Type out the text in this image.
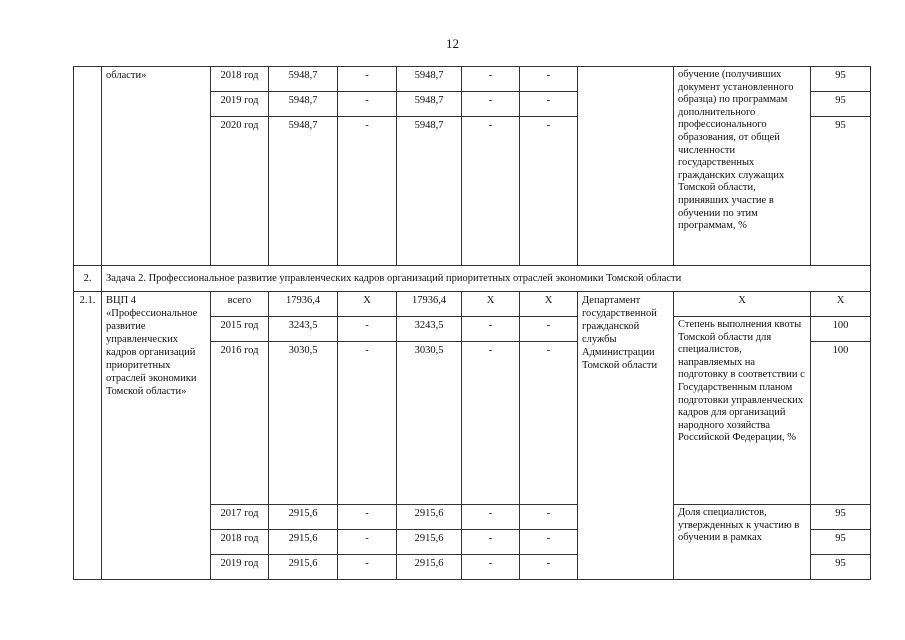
12
	области»	2018 год	5948,7	-	5948,7	-	-		обучение (получивших документ установленного образца) по программам дополнительного профессионального образования, от общей численности государственных гражданских служащих Томской области, принявших участие в обучении по этим программам, %	95
		2019 год	5948,7	-	5948,7	-	-			95
		2020 год	5948,7	-	5948,7	-	-			95
2.	Задача 2. Профессиональное развитие управленческих кадров организаций приоритетных отраслей экономики Томской области									
2.1.	ВЦП 4 «Профессиональное развитие управленческих кадров организаций приоритетных отраслей экономики Томской области»	всего	17936,4	X	17936,4	X	X	Департамент государственной гражданской службы Администрации Томской области	X	X
		2015 год	3243,5	-	3243,5	-	-		Степень выполнения квоты Томской области для специалистов, направляемых на подготовку в соответствии с Государственным планом подготовки управленческих кадров для организаций народного хозяйства Российской Федерации, %	100
		2016 год	3030,5	-	3030,5	-	-			100
		2017 год	2915,6	-	2915,6	-	-		Доля специалистов, утвержденных к участию в обучении в рамках	95
		2018 год	2915,6	-	2915,6	-	-			95
		2019 год	2915,6	-	2915,6	-	-			95
